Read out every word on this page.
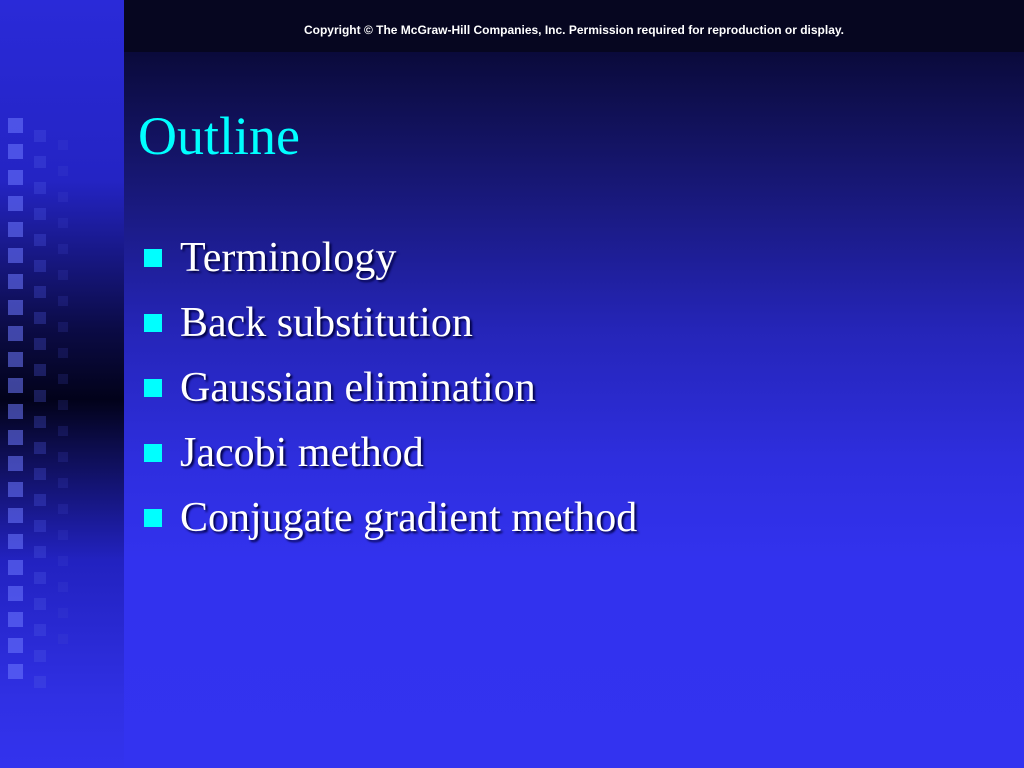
Copyright © The McGraw-Hill Companies, Inc. Permission required for reproduction or display.
Outline
Terminology
Back substitution
Gaussian elimination
Jacobi method
Conjugate gradient method
